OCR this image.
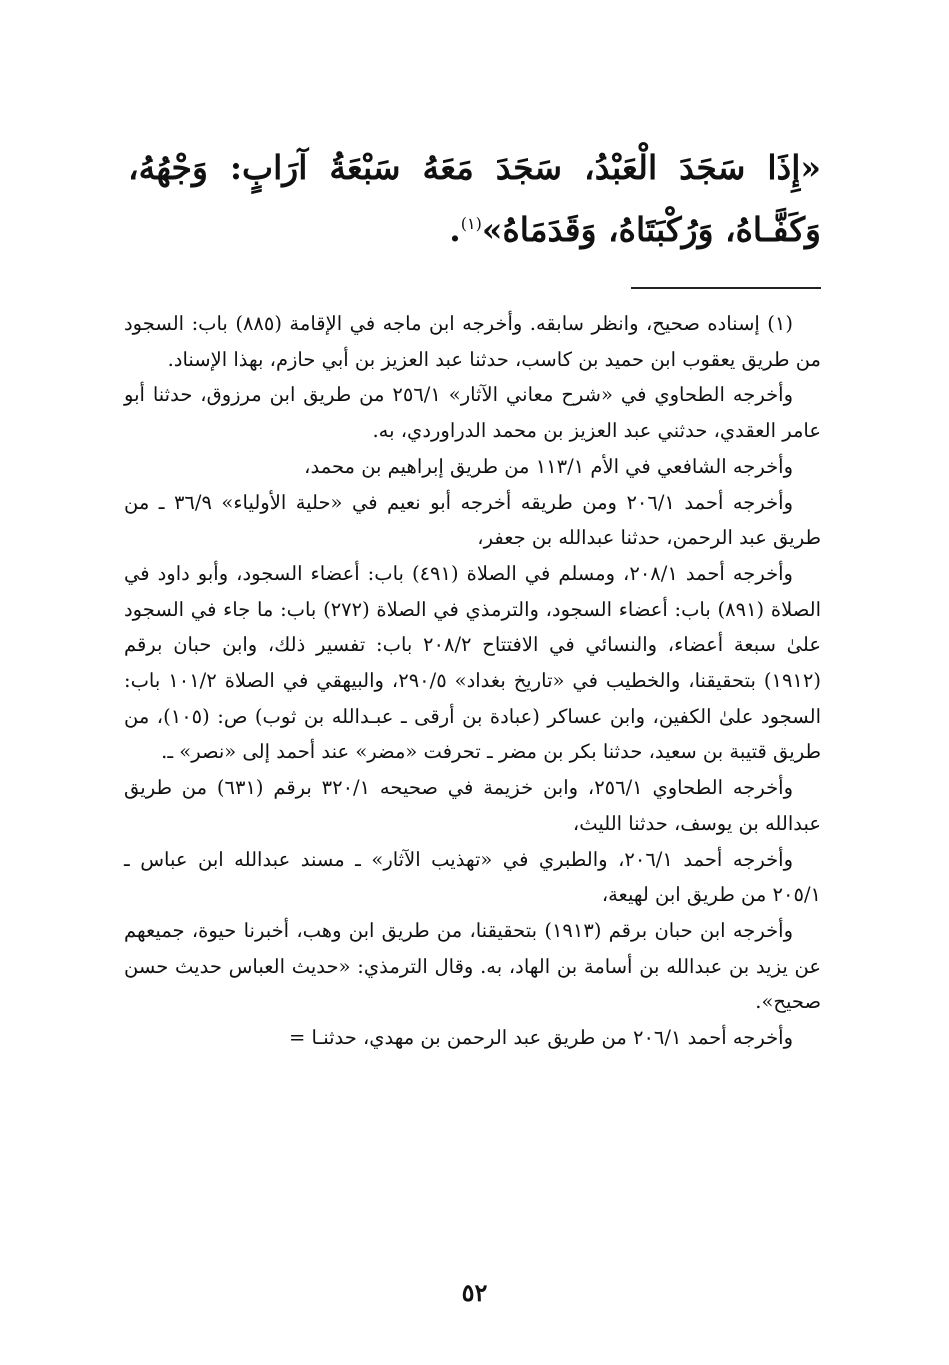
«إِذَا سَجَدَ الْعَبْدُ، سَجَدَ مَعَهُ سَبْعَةُ آرَابٍ: وَجْهُهُ، وَكَفَّـاهُ، وَرُكْبَتَاهُ، وَقَدَمَاهُ»$^{(١)}$.

(١) إسناده صحيح، وانظر سابقه. وأخرجه ابن ماجه في الإقامة (٨٨٥) باب: السجود من طريق يعقوب ابن حميد بن كاسب، حدثنا عبد العزيز بن أبي حازم، بهذا الإسناد.

وأخرجه الطحاوي في «شرح معاني الآثار» ٢٥٦/١ من طريق ابن مرزوق، حدثنا أبو عامر العقدي، حدثني عبد العزيز بن محمد الدراوردي، به.

وأخرجه الشافعي في الأم ١١٣/١ من طريق إبراهيم بن محمد،

وأخرجه أحمد ٢٠٦/١ ومن طريقه أخرجه أبو نعيم في «حلية الأولياء» ٣٦/٩ ـ من طريق عبد الرحمن، حدثنا عبدالله بن جعفر،

وأخرجه أحمد ٢٠٨/١، ومسلم في الصلاة (٤٩١) باب: أعضاء السجود، وأبو داود في الصلاة (٨٩١) باب: أعضاء السجود، والترمذي في الصلاة (٢٧٢) باب: ما جاء في السجود علىٰ سبعة أعضاء، والنسائي في الافتتاح ٢٠٨/٢ باب: تفسير ذلك، وابن حبان برقم (١٩١٢) بتحقيقنا، والخطيب في «تاريخ بغداد» ٢٩٠/٥، والبيهقي في الصلاة ١٠١/٢ باب: السجود علىٰ الكفين، وابن عساكر (عبادة بن أرقى ـ عبـدالله بن ثوب) ص: (١٠٥)، من طريق قتيبة بن سعيد، حدثنا بكر بن مضر ـ تحرفت «مضر» عند أحمد إلى «نصر» ـ.

وأخرجه الطحاوي ٢٥٦/١، وابن خزيمة في صحيحه ٣٢٠/١ برقم (٦٣١) من طريق عبدالله بن يوسف، حدثنا الليث،

وأخرجه أحمد ٢٠٦/١، والطبري في «تهذيب الآثار» ـ مسند عبدالله ابن عباس ـ ٢٠٥/١ من طريق ابن لهيعة،

وأخرجه ابن حبان برقم (١٩١٣) بتحقيقنا، من طريق ابن وهب، أخبرنا حيوة، جميعهم عن يزيد بن عبدالله بن أسامة بن الهاد، به. وقال الترمذي: «حديث العباس حديث حسن صحيح».

وأخرجه أحمد ٢٠٦/١ من طريق عبد الرحمن بن مهدي، حدثنـا =

٥٢
